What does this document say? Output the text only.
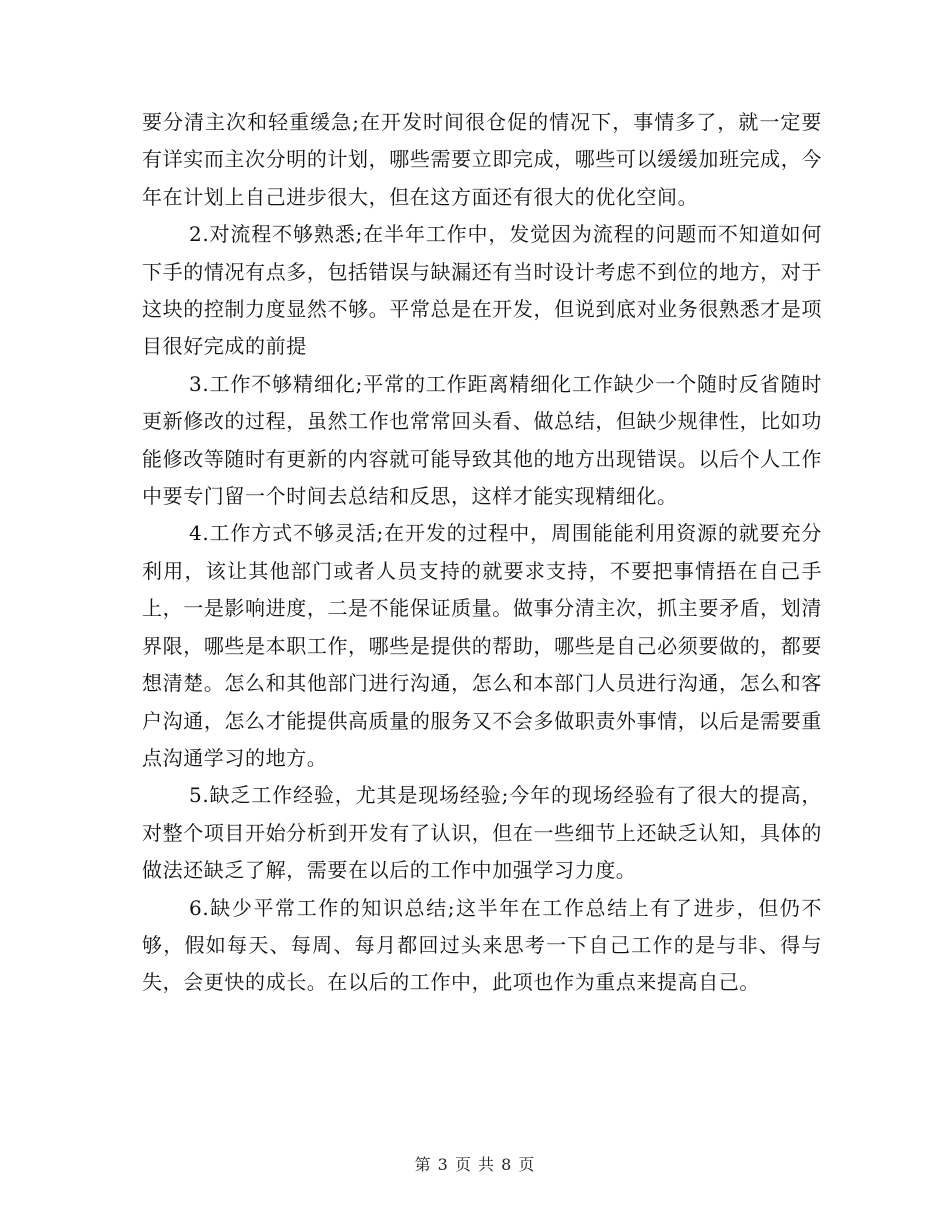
要分清主次和轻重缓急;在开发时间很仓促的情况下，事情多了，就一定要有详实而主次分明的计划，哪些需要立即完成，哪些可以缓缓加班完成，今年在计划上自己进步很大，但在这方面还有很大的优化空间。

2.对流程不够熟悉;在半年工作中，发觉因为流程的问题而不知道如何下手的情况有点多，包括错误与缺漏还有当时设计考虑不到位的地方，对于这块的控制力度显然不够。平常总是在开发，但说到底对业务很熟悉才是项目很好完成的前提

3.工作不够精细化;平常的工作距离精细化工作缺少一个随时反省随时更新修改的过程，虽然工作也常常回头看、做总结，但缺少规律性，比如功能修改等随时有更新的内容就可能导致其他的地方出现错误。以后个人工作中要专门留一个时间去总结和反思，这样才能实现精细化。

4.工作方式不够灵活;在开发的过程中，周围能能利用资源的就要充分利用，该让其他部门或者人员支持的就要求支持，不要把事情捂在自己手上，一是影响进度，二是不能保证质量。做事分清主次，抓主要矛盾，划清界限，哪些是本职工作，哪些是提供的帮助，哪些是自己必须要做的，都要想清楚。怎么和其他部门进行沟通，怎么和本部门人员进行沟通，怎么和客户沟通，怎么才能提供高质量的服务又不会多做职责外事情，以后是需要重点沟通学习的地方。

5.缺乏工作经验，尤其是现场经验;今年的现场经验有了很大的提高，对整个项目开始分析到开发有了认识，但在一些细节上还缺乏认知，具体的做法还缺乏了解，需要在以后的工作中加强学习力度。

6.缺少平常工作的知识总结;这半年在工作总结上有了进步，但仍不够，假如每天、每周、每月都回过头来思考一下自己工作的是与非、得与失，会更快的成长。在以后的工作中，此项也作为重点来提高自己。

第 3 页 共 8 页
